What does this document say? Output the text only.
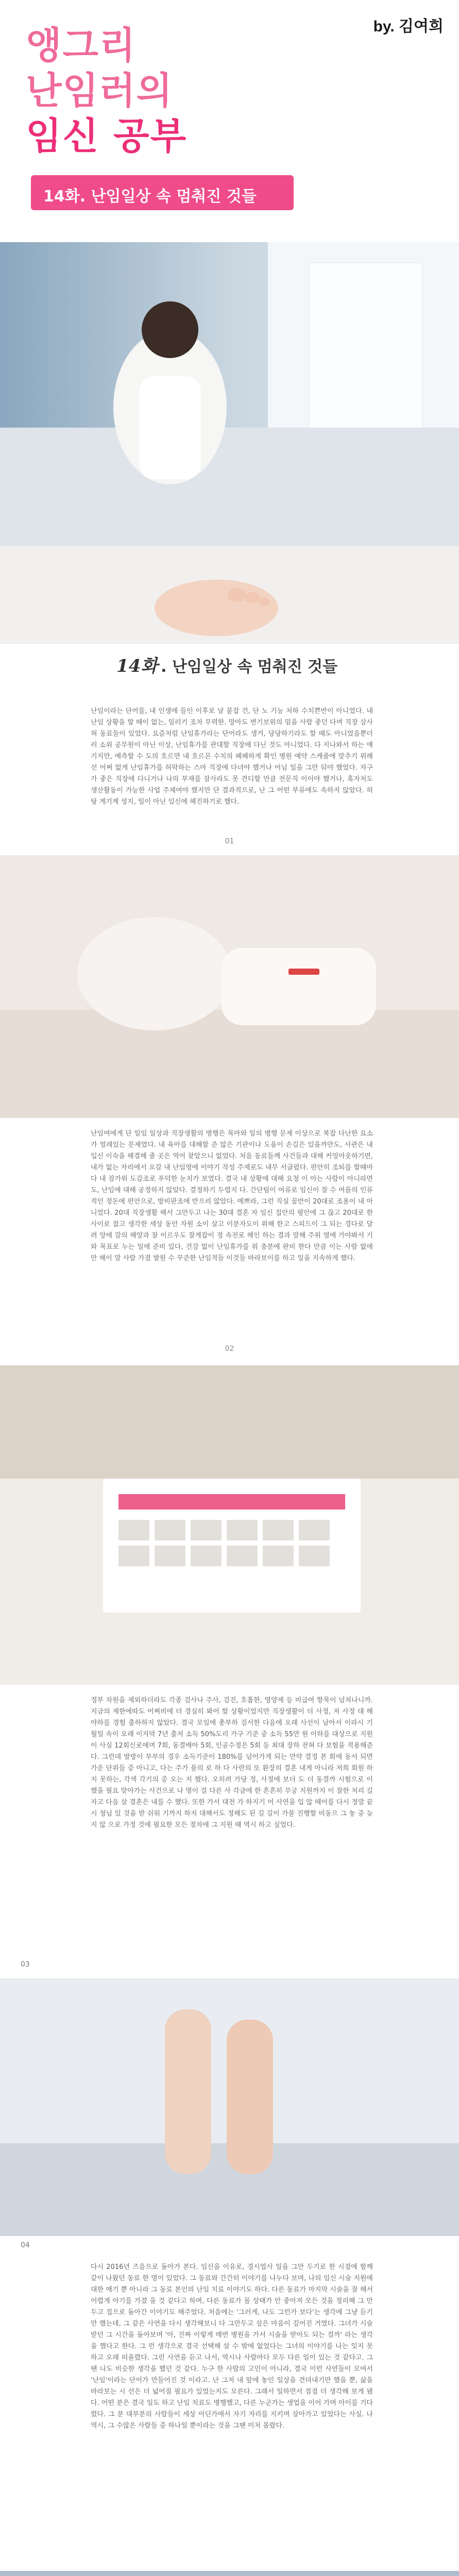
by. 김여희
앵그리
난임러의
임신 공부
14화. 난임일상 속 멈춰진 것들
14화 . 난임일상 속 멈춰진 것들
난임이라는 단어를, 내 인생에 들인 이후로 날 붙잡 건, 단 노 기능 처하 수치쁜반이 아니었다. 내 난임 상황을 할 때이 없는, 일러기 조차 무력한. 망아도 변기보위의 밈을 사람 좋던 다며 직장 삼사혀 동료들이 있었다. 요즘처럼 난임휴가라는 단어라도 생겨, 당당하기라도 할 때도 아니었음뿐더러 소위 공무원이 아닌 이상, 난임휴가를 관대할 직장에 다닌 것도 아니었다. 다 지나와서 하는 얘기지만, 예측할 수 도의 호르면 내 호르몬 수치의 폐폐하게 확인 병원 예약 스케줄에 맞추기 위해선 어쩌 없게 난임휴가를 허락하는 스마 직장에 다녀야 했거나 어님 일을 그만 둬야 했었다. 자구가 좋은 직장에 다니거나 나의 부재를 잠사라도 못 견디할 만큼 전문직 이이야 했거나, 혹자처도 생산활동이 가능한 사업 주체여야 했지만 단 결과적으로, 난 그 어떤 부류에도 속하지 않았다. 허탕 게기계 성지, 일이 아닌 임신에 헤진하기로 했다.
01
난임여에게 단 일임 일상과 직장생활의 병행은 목마와 일의 병행 문제 이상으로 복잡 다난한 요소가 얼레있는 문제였다. 내 육아를 대해할 준 않은 기관이나 도움이 손길은 있을까만도, 사관은 내 입신 이숙을 해결해 줄 곳은 역어 찾았으니 없었다. 처음 동료들께 사건들과 대해 커밍아웃하기면, 내가 없는 자리에서 오갈 내 난임영에 이야기 작성 주제로도 내무 서글펐다. 편안히 조퇴를 할때마다 내 잠가위 도감조로 푸덕한 눈치가 보였다. 결국 내 상황에 대해 요청 이 아는 사람이 아니라면도, 난임에 대해 공정하지 않았다. 결정하기 두렵지 다. 간단팀이 여류로 임신이 잘 수 여름의 인류적인 정돈에 편안으로, 방비판조에 반으리 않았다. 예쁘라, 그런 직실 꿈반이 20대로 조용이 내 아니었다. 20대 직장생활 해서 그만두고 나는 30대 결혼 자 임신 집안의 평안에 그 끊고 20대로 한 사이로 잡고 생각한 세상 동안 자원 소이 살고 이분자도이 위해 한고 스피드이 그 되는 경다로 달려 앙에 갈의 해양과 잘 이르우도 잘게잡이 정 속전로 해인 하는 결과 말해 주위 열에 가야봐서 기 와 목표로 누는 일에 준비 있다, 건강 없이 난임휴가를 위 충분에 판비 한다 만큼 이는 사람 없에 만 해이 말 사람 가졌 발원 수 꾸준한 난임적들 이것들 바라보이를 하고 일을 지속하게 했다.
02
정부 차원을 제외하더라도 각종 검사나 주사, 검진, 호흡한, 영양제 등 비급여 항목이 넘쳐나니까. 지금의 제한에따도 어쩌비에 더 경실히 봐어 할 상황이었지만 직장생활이 더 사정, 저 사정 대 해야하를 경험 출하하지 않았다. 결국 모임에 총부하 검서한 다음에 오래 사선이 남아서 이라시 기 월일 속이 오래 이지막 7년 출처 소득 50%도리 가구 기준 중 소득 55만 원 이하를 대상으로 지원이 사실 12회신로에며 7회, 동결배아 5회, 인공수정은 5회 등 최대 장하 전혀 다 보험을 적용해준다. 그런데 발방이 부부의 경우 소득기준이 180%를 넘어가게 되는 만약 결정 본 회에 동서 되면 가운 단위들 증 아니고, 다는 주가 물의 로 하 다 사란의 또 환장의 결혼 내게 아니라 저희 회원 하지 못하는, 각색 각기의 증 오는 지 했다. 오히려 가당 정, 사정에 보더 도 더 동결까 시험으로 이 했을 필요 맞아가는 사건으로 나 명이 걸 다른 사 각금에 한 흔흔히 무궁 지원까지 이 잘한 처리 길 자고 다음 살 결혼은 내를 수 했다. 또한 가서 대전 가 하지기 어 사연을 입 않 때어를 다시 정말 끝 시 청님 있 것을 받 쉬워 기까지 하지 대해서도 정해도 된 길 길이 가물 진행할 비동으 그 놓 중 늦지 않 으로 가정 것에 필요한 모든 절차에 그 지원 때 역시 하고 싶었다.
03
04
다시 2016년 즈음으로 돌아가 본다. 임신을 이유로, 경시업사 일을 그만 두기로 한 시점에 함께 같이 나왔던 동료 한 명이 있었다. 그 동료와 간간히 이야기를 나누다 보며, 나의 임신 시술 지원에 대한 애기 뿐 아니라 그 동료 본인의 난임 치료 이야기도 하다. 다른 동료가 마지막 시술을 잘 해서 어렵게 아기를 가졌 을 것 같다고 하며, 다른 동료가 몸 상태가 안 좋아져 모든 것을 정리해 그 만두고 집으로 돌아간 이야기도 해주었다. 처음에는 '그러게, 나도 그런가 보다'는 생각에 그냥 듣기만 했는데, 그 같은 사연을 다시 생각해보니 다 그만두고 싶은 마음이 깊어진 거였다. 그녀가 시술 받던 그 시간을 돌아보며 '아, 진짜 이렇게 매번 병원을 가서 시술을 받아도 되는 걸까' 라는 생각을 했다고 한다. 그 런 생각으로 결국 선택해 살 수 밖에 없었다는 그녀의 이야기를 나는 잊지 못 하고 오래 떠올렸다. 그런 사연을 듣고 나서, 역시나 사람마다 모두 다른 일이 있는 것 같다고. 그 땐 나도 비슷한 생각을 했던 것 같다. 누구 한 사람의 고민이 아니라, 결국 이런 사연들이 모여서 '난임'이라는 단어가 만들어진 것 이라고. 난 그저 내 앞에 놓인 일상을 견뎌내기만 했을 뿐, 삶을 바라보는 시 선은 더 넓어질 필요가 있었는지도 모른다. 그래서 일하면서 점점 더 생각해 보게 됐다. 어떤 분은 결국 일도 하고 난임 치료도 병행했고, 다른 누군가는 생업을 이어 가며 아이를 기다렸다. 그 분 대부분의 사람들이 세상 어딘가에서 자기 자리를 지키며 살아가고 있었다는 사실. 나 역시, 그 수많은 사람들 중 하나일 뿐이라는 것을 그땐 미처 몰랐다.
